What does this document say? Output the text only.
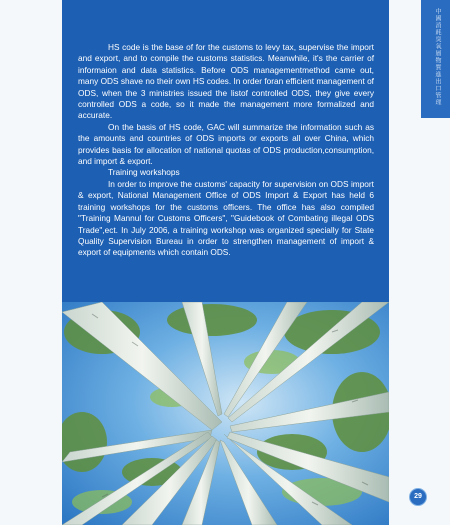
HS code is the base of for the customs to levy tax, supervise the import and export, and to compile the customs statistics. Meanwhile, it's the carrier of informaion and data statistics. Before ODS managementmethod came out, many ODS shave no their own HS codes. In order foran efficient management of ODS, when the 3 ministries issued the listof controlled ODS, they give every controlled ODS a code, so it made the management more formalized and accurate.

On the basis of HS code, GAC will summarize the information such as the amounts and countries of ODS imports or exports all over China, which provides basis for allocation of national quotas of ODS production,consumption, and import & export.

Training workshops

In order to improve the customs' capacity for supervision on ODS import & export, National Management Office of ODS Import & Export has held 6 training workshops for the customs officers. The office has also compiled "Training Mannul for Customs Officers", "Guidebook of Combating illegal ODS Trade",ect. In July 2006, a training workshop was organized specially for State Quality Supervision Bureau in order to strengthen management of import & export of equipments which contain ODS.

中國消耗臭氧層物質進出口管理
29
